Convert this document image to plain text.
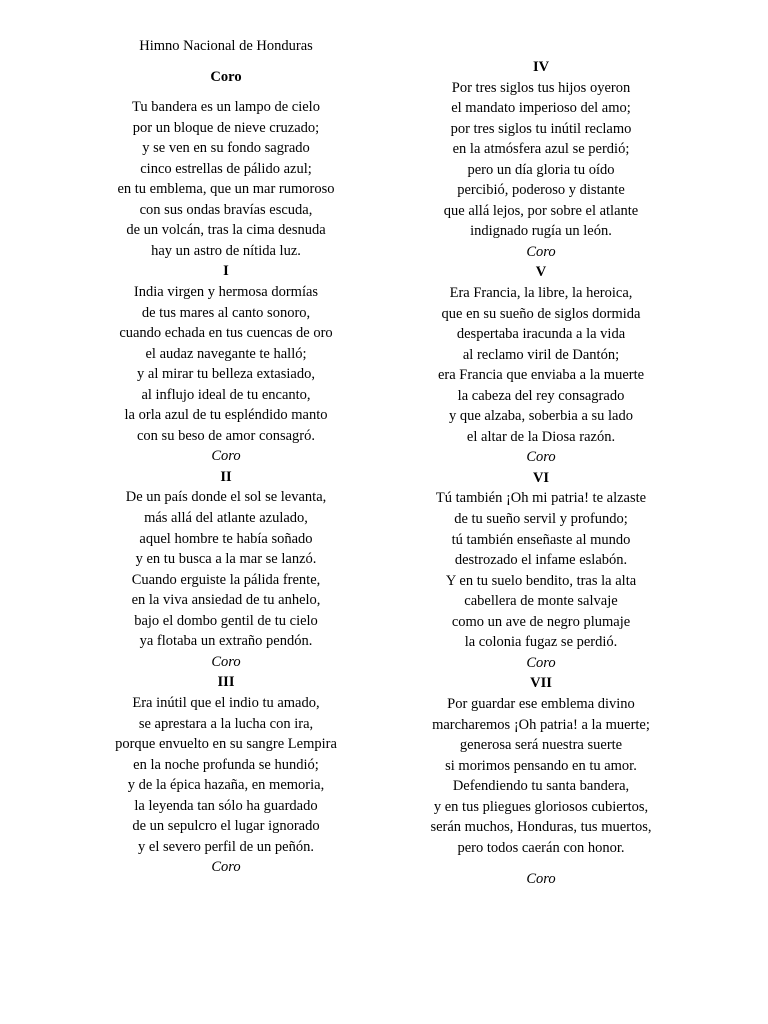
Himno Nacional de Honduras
Coro
Tu bandera es un lampo de cielo
por un bloque de nieve cruzado;
y se ven en su fondo sagrado
cinco estrellas de pálido azul;
en tu emblema, que un mar rumoroso
con sus ondas bravías escuda,
de un volcán, tras la cima desnuda
hay un astro de nítida luz.
I
India virgen y hermosa dormías
de tus mares al canto sonoro,
cuando echada en tus cuencas de oro
el audaz navegante te halló;
y al mirar tu belleza extasiado,
al influjo ideal de tu encanto,
la orla azul de tu espléndido manto
con su beso de amor consagró.
Coro
II
De un país donde el sol se levanta,
más allá del atlante azulado,
aquel hombre te había soñado
y en tu busca a la mar se lanzó.
Cuando erguiste la pálida frente,
en la viva ansiedad de tu anhelo,
bajo el dombo gentil de tu cielo
ya flotaba un extraño pendón.
Coro
III
Era inútil que el indio tu amado,
se aprestara a la lucha con ira,
porque envuelto en su sangre Lempira
en la noche profunda se hundió;
y de la épica hazaña, en memoria,
la leyenda tan sólo ha guardado
de un sepulcro el lugar ignorado
y el severo perfil de un peñón.
Coro
IV
Por tres siglos tus hijos oyeron
el mandato imperioso del amo;
por tres siglos tu inútil reclamo
en la atmósfera azul se perdió;
pero un día gloria tu oído
percibió, poderoso y distante
que allá lejos, por sobre el atlante
indignado rugía un león.
Coro
V
Era Francia, la libre, la heroica,
que en su sueño de siglos dormida
despertaba iracunda a la vida
al reclamo viril de Dantón;
era Francia que enviaba a la muerte
la cabeza del rey consagrado
y que alzaba, soberbia a su lado
el altar de la Diosa razón.
Coro
VI
Tú también ¡Oh mi patria! te alzaste
de tu sueño servil y profundo;
tú también enseñaste al mundo
destrozado el infame eslabón.
Y en tu suelo bendito, tras la alta
cabellera de monte salvaje
como un ave de negro plumaje
la colonia fugaz se perdió.
Coro
VII
Por guardar ese emblema divino
marcharemos ¡Oh patria! a la muerte;
generosa será nuestra suerte
si morimos pensando en tu amor.
Defendiendo tu santa bandera,
y en tus pliegues gloriosos cubiertos,
serán muchos, Honduras, tus muertos,
pero todos caerán con honor.
Coro
